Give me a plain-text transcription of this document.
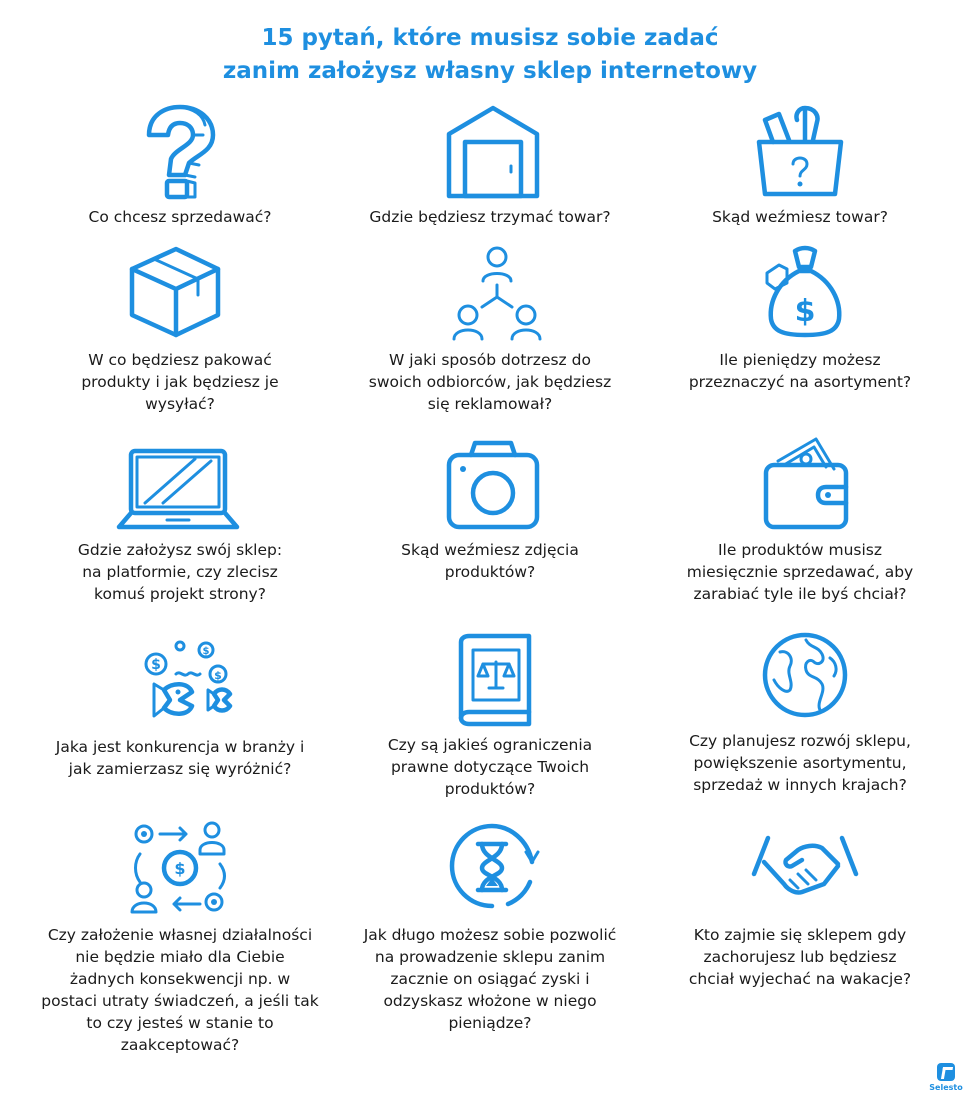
15 pytań, które musisz sobie zadać
zanim założysz własny sklep internetowy
Co chcesz sprzedawać?	Gdzie będziesz trzymać towar?	Skąd weźmiesz towar?
W co będziesz pakować
produkty i jak będziesz je
wysyłać?
W jaki sposób dotrzesz do
swoich odbiorców, jak będziesz
się reklamował?
$
Ile pieniędzy możesz
przeznaczyć na asortyment?
Gdzie założysz swój sklep:
na platformie, czy zlecisz
komuś projekt strony?
Skąd weźmiesz zdjęcia
produktów?
Ile produktów musisz
miesięcznie sprzedawać, aby
zarabiać tyle ile byś chciał?
$
$
$
Jaka jest konkurencja w branży i
jak zamierzasz się wyróżnić?
Czy są jakieś ograniczenia
prawne dotyczące Twoich
produktów?
Czy planujesz rozwój sklepu,
powiększenie asortymentu,
sprzedaż w innych krajach?
$
Czy założenie własnej działalności
nie będzie miało dla Ciebie
żadnych konsekwencji np. w
postaci utraty świadczeń, a jeśli tak
to czy jesteś w stanie to
zaakceptować?
Jak długo możesz sobie pozwolić
na prowadzenie sklepu zanim
zacznie on osiągać zyski i
odzyskasz włożone w niego
pieniądze?
Kto zajmie się sklepem gdy
zachorujesz lub będziesz
chciał wyjechać na wakacje?
Selesto
